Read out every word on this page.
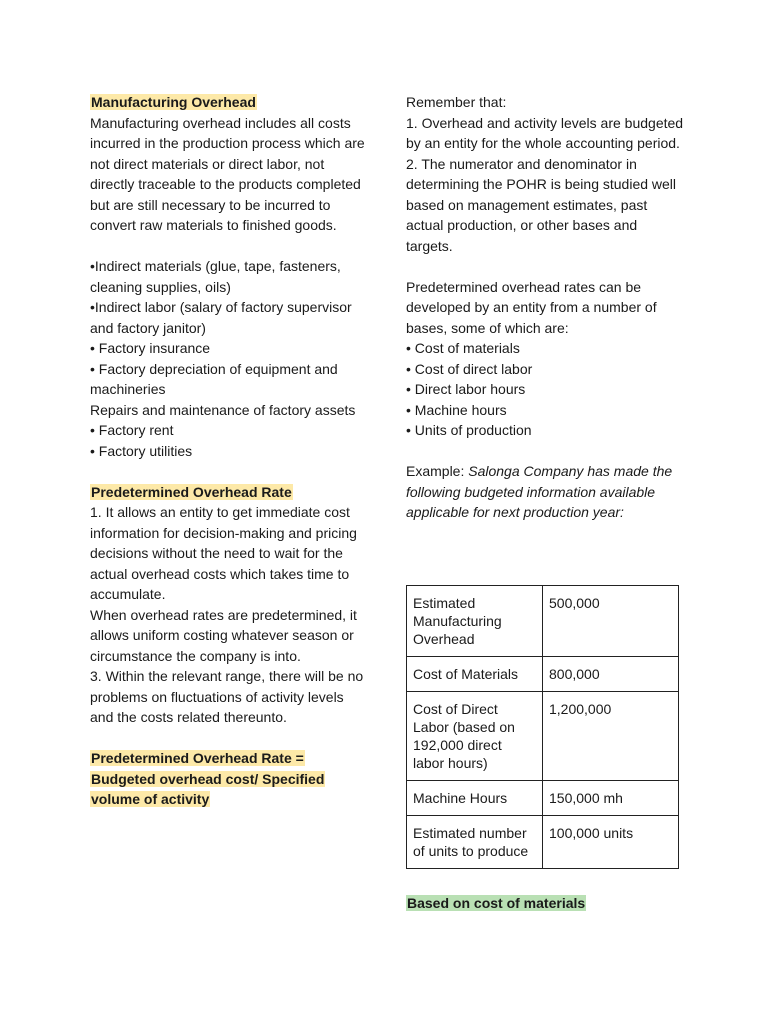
Manufacturing Overhead

Manufacturing overhead includes all costs incurred in the production process which are not direct materials or direct labor, not directly traceable to the products completed but are still necessary to be incurred to convert raw materials to finished goods.

•Indirect materials (glue, tape, fasteners, cleaning supplies, oils)

•Indirect labor (salary of factory supervisor and factory janitor)

• Factory insurance

• Factory depreciation of equipment and machineries

Repairs and maintenance of factory assets

• Factory rent

• Factory utilities

Predetermined Overhead Rate

1. It allows an entity to get immediate cost information for decision-making and pricing decisions without the need to wait for the actual overhead costs which takes time to accumulate.

When overhead rates are predetermined, it allows uniform costing whatever season or circumstance the company is into.

3. Within the relevant range, there will be no problems on fluctuations of activity levels and the costs related thereunto.

Predetermined Overhead Rate = Budgeted overhead cost/ Specified volume of activity

Remember that:

1. Overhead and activity levels are budgeted by an entity for the whole accounting period.

2. The numerator and denominator in determining the POHR is being studied well based on management estimates, past actual production, or other bases and targets.

Predetermined overhead rates can be developed by an entity from a number of bases, some of which are:

• Cost of materials

• Cost of direct labor

• Direct labor hours

• Machine hours

• Units of production

Example: Salonga Company has made the following budgeted information available applicable for next production year:

Estimated Manufacturing Overhead	500,000
Cost of Materials	800,000
Cost of Direct Labor (based on 192,000 direct labor hours)	1,200,000
Machine Hours	150,000 mh
Estimated number of units to produce	100,000 units
Based on cost of materials
